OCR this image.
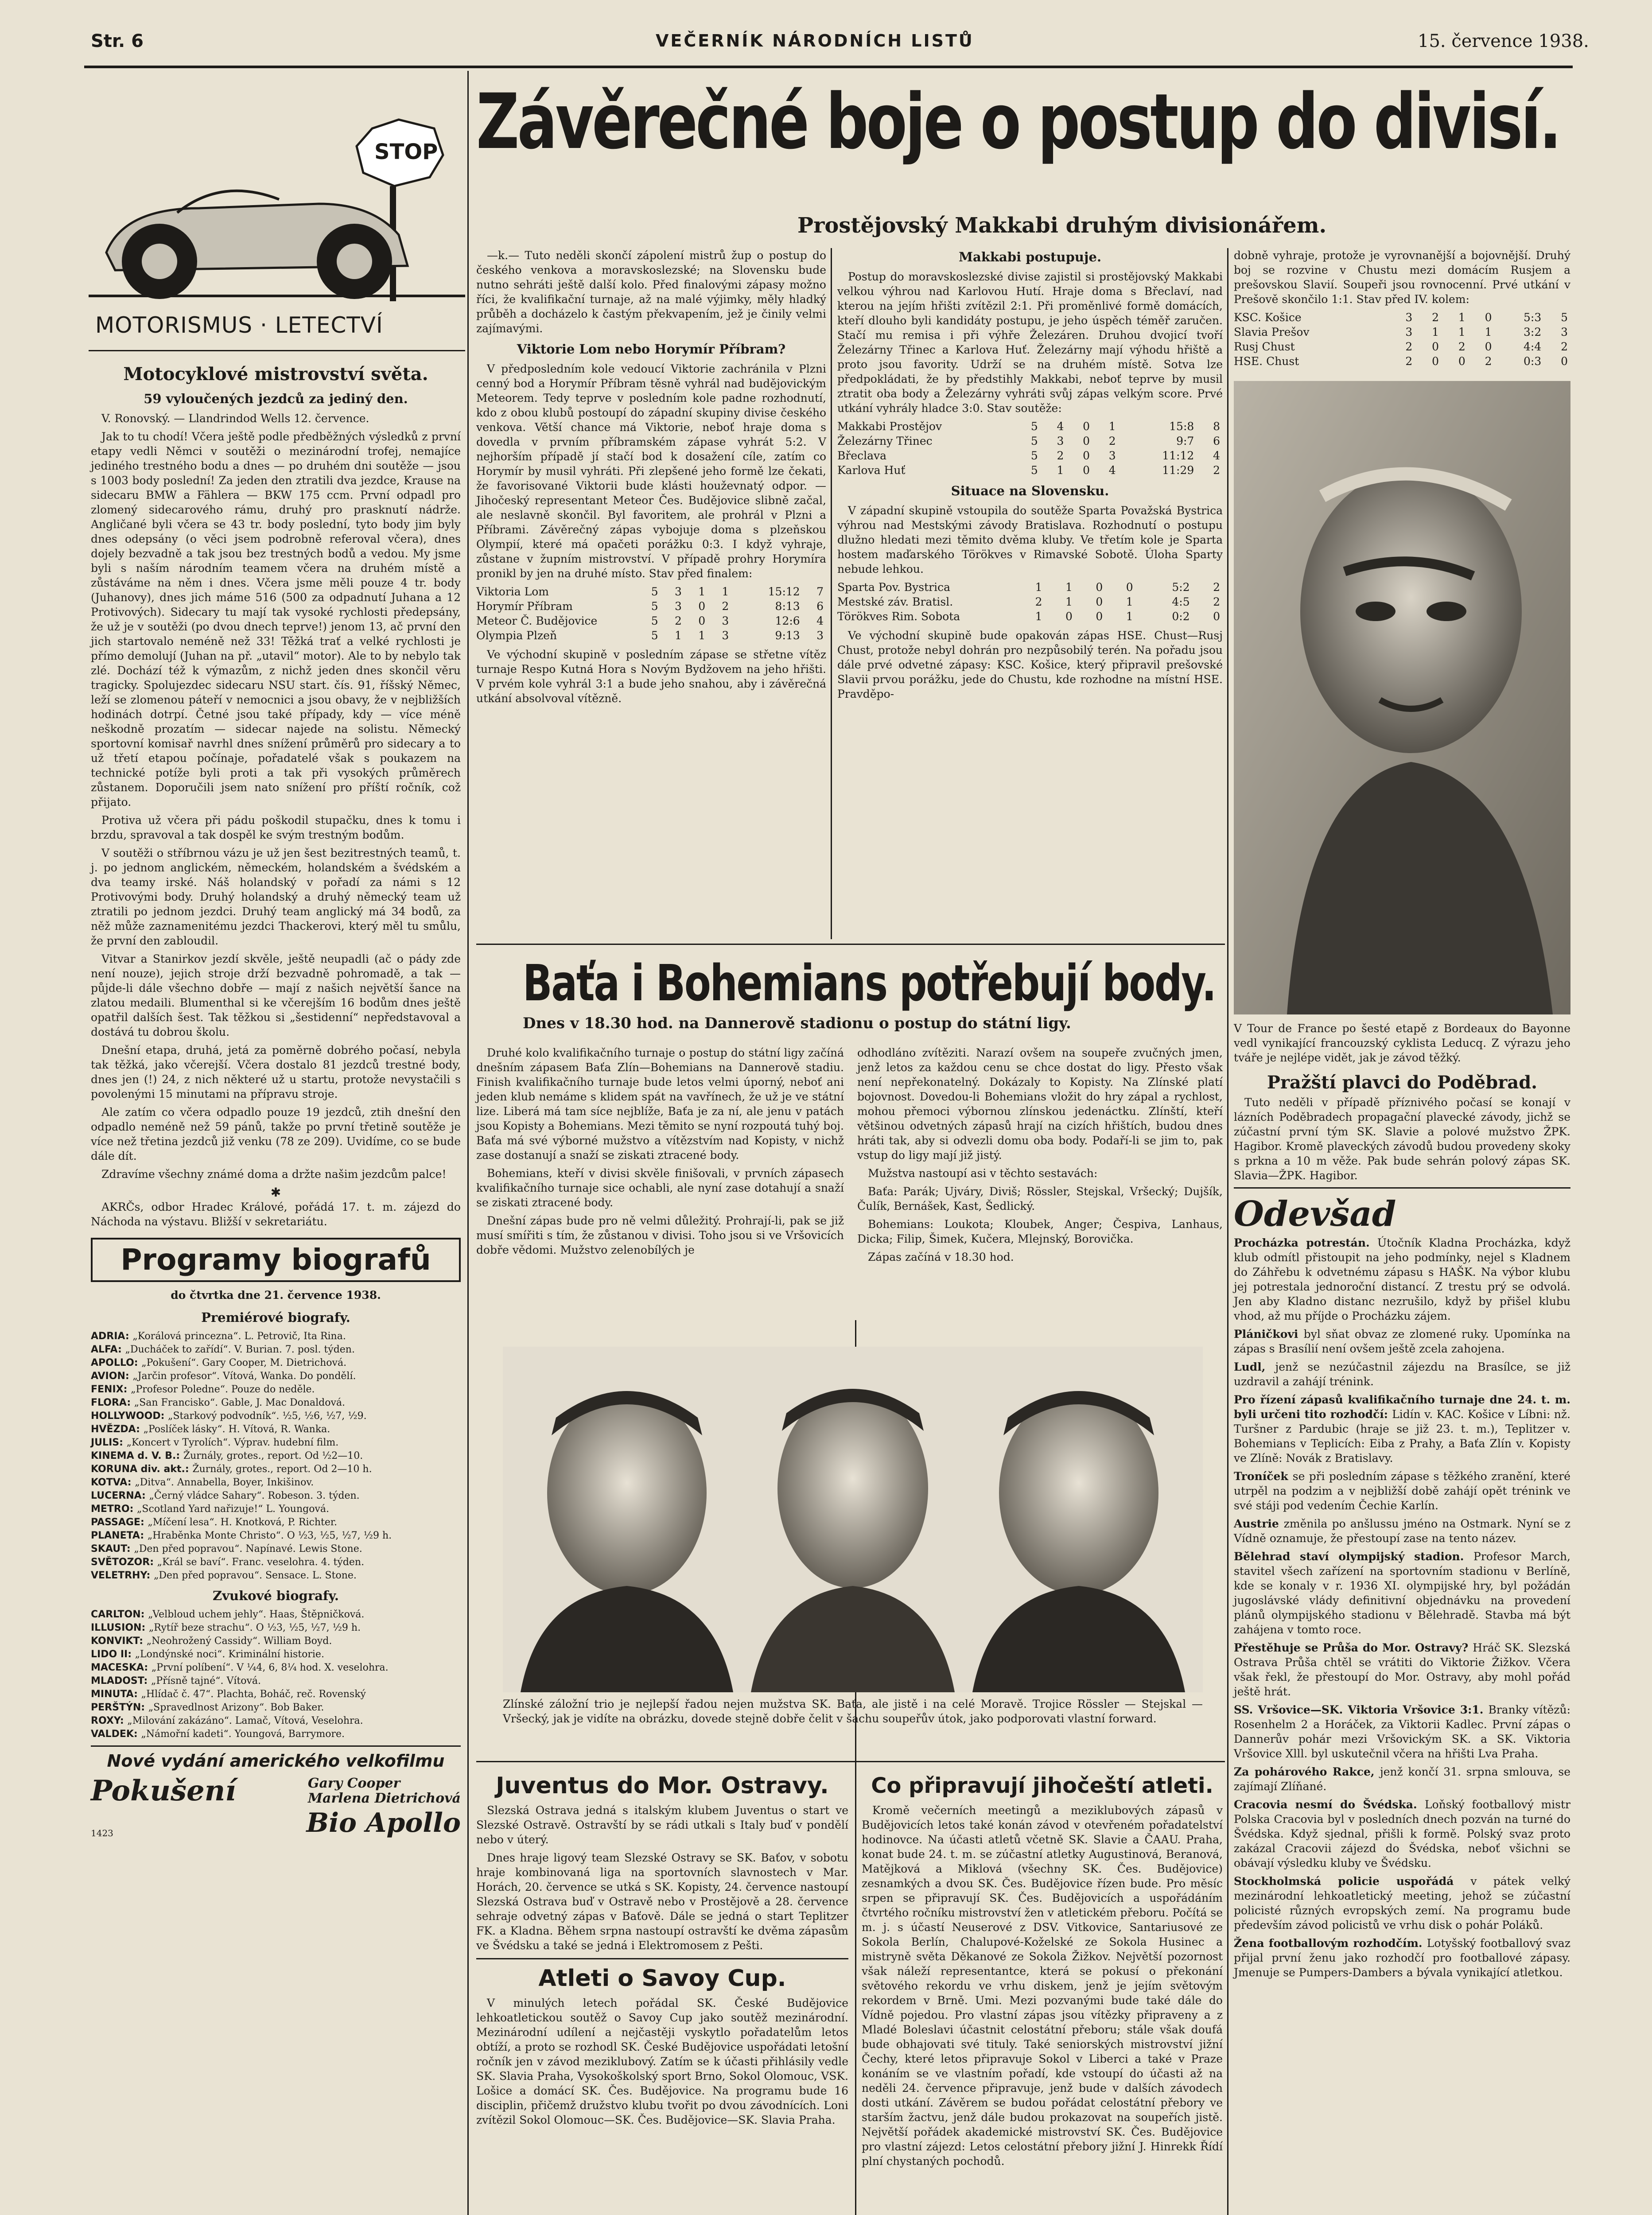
Str. 6	VEČERNÍK NÁRODNÍCH LISTŮ	15. července 1938.
STOP
MOTORISMUS · LETECTVÍ
Motocyklové mistrovství světa.
59 vyloučených jezdců za jediný den.

V. Ronovský. — Llandrindod Wells 12. července.

Jak to tu chodí! Včera ještě podle předběžných výsledků z první etapy vedli Němci v soutěži o mezinárodní trofej, nemajíce jediného trestného bodu a dnes — po druhém dni soutěže — jsou s 1003 body poslední! Za jeden den ztratili dva jezdce, Krause na sidecaru BMW a Fählera — BKW 175 ccm. První odpadl pro zlomený sidecarového rámu, druhý pro prasknutí nádrže. Angličané byli včera se 43 tr. body poslední, tyto body jim byly dnes odepsány (o věci jsem podrobně referoval včera), dnes dojely bezvadně a tak jsou bez trestných bodů a vedou. My jsme byli s naším národním teamem včera na druhém místě a zůstáváme na něm i dnes. Včera jsme měli pouze 4 tr. body (Juhanovy), dnes jich máme 516 (500 za odpadnutí Juhana a 12 Protivových). Sidecary tu mají tak vysoké rychlosti předepsány, že už je v soutěži (po dvou dnech teprve!) jenom 13, ač první den jich startovalo neméně než 33! Těžká trať a velké rychlosti je přímo demolují (Juhan na př. „utavil“ motor). Ale to by nebylo tak zlé. Dochází též k výmazům, z nichž jeden dnes skončil věru tragicky. Spolujezdec sidecaru NSU start. čís. 91, říšský Němec, leží se zlomenou páteří v nemocnici a jsou obavy, že v nejbližších hodinách dotrpí. Četné jsou také případy, kdy — více méně neškodně prozatím — sidecar najede na solistu. Německý sportovní komisař navrhl dnes snížení průměrů pro sidecary a to už třetí etapou počínaje, pořadatelé však s poukazem na technické potíže byli proti a tak při vysokých průměrech zůstanem. Doporučili jsem nato snížení pro příští ročník, což přijato.

Protiva už včera při pádu poškodil stupačku, dnes k tomu i brzdu, spravoval a tak dospěl ke svým trestným bodům.

V soutěži o stříbrnou vázu je už jen šest bezitrestných teamů, t. j. po jednom anglickém, německém, holandském a švédském a dva teamy irské. Náš holandský v pořadí za námi s 12 Protivovými body. Druhý holandský a druhý německý team už ztratili po jednom jezdci. Druhý team anglický má 34 bodů, za něž může zaznamenitému jezdci Thackerovi, který měl tu smůlu, že první den zabloudil.

Vitvar a Stanirkov jezdí skvěle, ještě neupadli (ač o pády zde není nouze), jejich stroje drží bezvadně pohromadě, a tak — půjde-li dále všechno dobře — mají z našich největší šance na zlatou medaili. Blumenthal si ke včerejším 16 bodům dnes ještě opatřil dalších šest. Tak těžkou si „šestidenní“ nepředstavoval a dostává tu dobrou školu.

Dnešní etapa, druhá, jetá za poměrně dobrého počasí, nebyla tak těžká, jako včerejší. Včera dostalo 81 jezdců trestné body, dnes jen (!) 24, z nich některé už u startu, protože nevystačili s povolenými 15 minutami na přípravu stroje.

Ale zatím co včera odpadlo pouze 19 jezdců, ztih dnešní den odpadlo neméně než 59 pánů, takže po první třetině soutěže je více než třetina jezdců již venku (78 ze 209). Uvidíme, co se bude dále dít.

Zdravíme všechny známé doma a držte našim jezdcům palce!

✱

AKRČs, odbor Hradec Králové, pořádá 17. t. m. zájezd do Náchoda na výstavu. Bližší v sekretariátu.

Programy biografů
do čtvrtka dne 21. července 1938.
Premiérové biografy.

ADRIA: „Korálová princezna“. L. Petrovič, Ita Rina.

ALFA: „Ducháček to zařídí“. V. Burian. 7. posl. týden.

APOLLO: „Pokušení“. Gary Cooper, M. Dietrichová.

AVION: „Jarčin profesor“. Vítová, Wanka. Do pondělí.

FENIX: „Profesor Poledne“. Pouze do neděle.

FLORA: „San Francisko“. Gable, J. Mac Donaldová.

HOLLYWOOD: „Starkový podvodník“. ½5, ½6, ½7, ½9.

HVĚZDA: „Poslíček lásky“. H. Vítová, R. Wanka.

JULIS: „Koncert v Tyrolích“. Výprav. hudební film.

KINEMA d. V. B.: Žurnály, grotes., report. Od ½2—10.

KORUNA div. akt.: Žurnály, grotes., report. Od 2—10 h.

KOTVA: „Ditva“. Annabella, Boyer, Inkišinov.

LUCERNA: „Černý vládce Sahary“. Robeson. 3. týden.

METRO: „Scotland Yard nařizuje!“ L. Youngová.

PASSAGE: „Míčení lesa“. H. Knotková, P. Richter.

PLANETA: „Hraběnka Monte Christo“. O ½3, ½5, ½7, ½9 h.

SKAUT: „Den před popravou“. Napínavé. Lewis Stone.

SVĚTOZOR: „Král se baví“. Franc. veselohra. 4. týden.

VELETRHY: „Den před popravou“. Sensace. L. Stone.

Zvukové biografy.

CARLTON: „Velbloud uchem jehly“. Haas, Štěpničková.

ILLUSION: „Rytíř beze strachu“. O ½3, ½5, ½7, ½9 h.

KONVIKT: „Neohrožený Cassidy“. William Boyd.

LIDO II: „Londýnské noci“. Kriminální historie.

MACESKA: „První políbení“. V ¼4, 6, 8¼ hod. X. veselohra.

MLADOST: „Přísně tajné“. Vítová.

MINUTA: „Hlídač č. 47“. Plachta, Boháč, reč. Rovenský

PERŠTÝN: „Spravedlnost Arizony“. Bob Baker.

ROXY: „Milování zakázáno“. Lamač, Vítová, Veselohra.

VALDEK: „Námořní kadeti“. Youngová, Barrymore.

Nové vydání amerického velkofilmu
Pokušení	Gary Cooper
Marlena Dietrichová
1423	Bio Apollo
Závěrečné boje o postup do divisí.
Prostějovský Makkabi druhým divisionářem.

—k.— Tuto neděli skončí zápolení mistrů žup o postup do českého venkova a moravskoslezské; na Slovensku bude nutno sehráti ještě další kolo. Před finalovými zápasy možno říci, že kvalifikační turnaje, až na malé výjimky, měly hladký průběh a docházelo k častým překvapením, jež je činily velmi zajímavými.

Viktorie Lom nebo Horymír Příbram?

V předposledním kole vedoucí Viktorie zachránila v Plzni cenný bod a Horymír Příbram těsně vyhrál nad budějovickým Meteorem. Tedy teprve v posledním kole padne rozhodnutí, kdo z obou klubů postoupí do západní skupiny divise českého venkova. Větší chance má Viktorie, neboť hraje doma s dovedla v prvním příbramském zápase vyhrát 5:2. V nejhorším případě jí stačí bod k dosažení cíle, zatím co Horymír by musil vyhráti. Při zlepšené jeho formě lze čekati, že favorisované Viktorii bude klásti houževnatý odpor. — Jihočeský representant Meteor Čes. Budějovice slibně začal, ale neslavně skončil. Byl favoritem, ale prohrál v Plzni a Příbrami. Závěrečný zápas vybojuje doma s plzeňskou Olympií, které má opačeti porážku 0:3. I když vyhraje, zůstane v župním mistrovství. V případě prohry Horymíra pronikl by jen na druhé místo. Stav před finalem:

Viktoria Lom	5	3	1	1	15:12	7
Horymír Příbram	5	3	0	2	8:13	6
Meteor Č. Budějovice	5	2	0	3	12:6	4
Olympia Plzeň	5	1	1	3	9:13	3

Ve východní skupině v posledním zápase se střetne vítěz turnaje Respo Kutná Hora s Novým Bydžovem na jeho hřišti. V prvém kole vyhrál 3:1 a bude jeho snahou, aby i závěrečná utkání absolvoval vítězně.

Makkabi postupuje.

Postup do moravskoslezské divise zajistil si prostějovský Makkabi velkou výhrou nad Karlovou Hutí. Hraje doma s Břeclaví, nad kterou na jejím hřišti zvítězil 2:1. Při proměnlivé formě domácích, kteří dlouho byli kandidáty postupu, je jeho úspěch téměř zaručen. Stačí mu remisa i při výhře Železáren. Druhou dvojicí tvoří Železárny Třinec a Karlova Huť. Železárny mají výhodu hřiště a proto jsou favority. Udrží se na druhém místě. Sotva lze předpokládati, že by předstihly Makkabi, neboť teprve by musil ztratit oba body a Železárny vyhráti svůj zápas velkým score. Prvé utkání vyhrály hladce 3:0. Stav soutěže:

Makkabi Prostějov	5	4	0	1	15:8	8
Železárny Třinec	5	3	0	2	9:7	6
Břeclava	5	2	0	3	11:12	4
Karlova Huť	5	1	0	4	11:29	2
Situace na Slovensku.

V západní skupině vstoupila do soutěže Sparta Považská Bystrica výhrou nad Mestskými závody Bratislava. Rozhodnutí o postupu dlužno hledati mezi těmito dvěma kluby. Ve třetím kole je Sparta hostem maďarského Törökves v Rimavské Sobotě. Úloha Sparty nebude lehkou.

Sparta Pov. Bystrica	1	1	0	0	5:2	2
Mestské záv. Bratisl.	2	1	0	1	4:5	2
Törökves Rim. Sobota	1	0	0	1	0:2	0

Ve východní skupině bude opakován zápas HSE. Chust—Rusj Chust, protože nebyl dohrán pro nezpůsobilý terén. Na pořadu jsou dále prvé odvetné zápasy: KSC. Košice, který připravil prešovské Slavii prvou porážku, jede do Chustu, kde rozhodne na místní HSE. Pravděpo-

dobně vyhraje, protože je vyrovnanější a bojovnější. Druhý boj se rozvine v Chustu mezi domácím Rusjem a prešovskou Slavií. Soupeři jsou rovnocenní. Prvé utkání v Prešově skončilo 1:1. Stav před IV. kolem:

KSC. Košice	3	2	1	0	5:3	5
Slavia Prešov	3	1	1	1	3:2	3
Rusj Chust	2	0	2	0	4:4	2
HSE. Chust	2	0	0	2	0:3	0

V Tour de France po šesté etapě z Bordeaux do Bayonne vedl vynikající francouzský cyklista Leducq. Z výrazu jeho tváře je nejlépe vidět, jak je závod těžký.

Pražští plavci do Poděbrad.

Tuto neděli v případě příznivého počasí se konají v lázních Poděbradech propagační plavecké závody, jichž se zúčastní první tým SK. Slavie a polové mužstvo ŽPK. Hagibor. Kromě plaveckých závodů budou provedeny skoky s prkna a 10 m věže. Pak bude sehrán polový zápas SK. Slavia—ŽPK. Hagibor.

Odevšad

Procházka potrestán. Útočník Kladna Procházka, když klub odmítl přistoupit na jeho podmínky, nejel s Kladnem do Záhřebu k odvetnému zápasu s HAŠK. Na výbor klubu jej potrestala jednoroční distancí. Z trestu prý se odvolá. Jen aby Kladno distanc nezrušilo, když by přišel klubu vhod, až mu příjde o Procházku zájem.

Pláničkovi byl sňat obvaz ze zlomené ruky. Upomínka na zápas s Brasílií není ovšem ještě zcela zahojena.

Ludl, jenž se nezúčastnil zájezdu na Brasílce, se již uzdravil a zahájí trénink.

Pro řízení zápasů kvalifikačního turnaje dne 24. t. m. byli určeni tito rozhodčí: Lidín v. KAC. Košice v Líbni: nž. Turšner z Pardubic (hraje se již 23. t. m.), Teplitzer v. Bohemians v Teplicích: Eiba z Prahy, a Baťa Zlín v. Kopisty ve Zlíně: Novák z Bratislavy.

Troníček se při posledním zápase s těžkého zranění, které utrpěl na podzim a v nejbližší době zahájí opět trénink ve své stáji pod vedením Čechie Karlín.

Austrie změnila po anšlussu jméno na Ostmark. Nyní se z Vídně oznamuje, že přestoupí zase na tento název.

Bělehrad staví olympijský stadion. Profesor March, stavitel všech zařízení na sportovním stadionu v Berlíně, kde se konaly v r. 1936 XI. olympijské hry, byl požádán jugoslávské vlády definitivní objednávku na provedení plánů olympijského stadionu v Bělehradě. Stavba má být zahájena v tomto roce.

Přestěhuje se Průša do Mor. Ostravy? Hráč SK. Slezská Ostrava Průša chtěl se vrátiti do Viktorie Žižkov. Včera však řekl, že přestoupí do Mor. Ostravy, aby mohl pořád ještě hrát.

SS. Vršovice—SK. Viktoria Vršovice 3:1. Branky vítězů: Rosenhelm 2 a Horáček, za Viktorii Kadlec. První zápas o Dannerův pohár mezi Vršovickým SK. a SK. Viktoria Vršovice Xlll. byl uskutečnil včera na hřišti Lva Praha.

Za pohárového Rakce, jenž končí 31. srpna smlouva, se zajímají Zlíňané.

Cracovia nesmí do Švédska. Loňský footballový mistr Polska Cracovia byl v posledních dnech pozván na turné do Švédska. Když sjednal, přišli k formě. Polský svaz proto zakázal Cracovii zájezd do Švédska, neboť všichni se obávají výsledku kluby ve Švédsku.

Stockholmská policie uspořádá v pátek velký mezinárodní lehkoatletický meeting, jehož se zúčastní policisté různých evropských zemí. Na programu bude především závod policistů ve vrhu disk o pohár Poláků.

Žena footballovým rozhodčím. Lotyšský footballový svaz přijal první ženu jako rozhodčí pro footballové zápasy. Jmenuje se Pumpers-Dambers a bývala vynikající atletkou.

Baťa i Bohemians potřebují body.
Dnes v 18.30 hod. na Dannerově stadionu o postup do státní ligy.

Druhé kolo kvalifikačního turnaje o postup do státní ligy začíná dnešním zápasem Baťa Zlín—Bohemians na Dannerově stadiu. Finish kvalifikačního turnaje bude letos velmi úporný, neboť ani jeden klub nemáme s klidem spát na vavřínech, že už je ve státní lize. Liberá má tam síce nejblíže, Baťa je za ní, ale jenu v patách jsou Kopisty a Bohemians. Mezi těmito se nyní rozpoutá tuhý boj. Baťa má své výborné mužstvo a vítězstvím nad Kopisty, v nichž zase dostanují a snaží se ziskati ztracené body.

Bohemians, kteří v divisi skvěle finišovali, v prvních zápasech kvalifikačního turnaje sice ochabli, ale nyní zase dotahují a snaží se ziskati ztracené body.

Dnešní zápas bude pro ně velmi důležitý. Prohrají-li, pak se již musí smířiti s tím, že zůstanou v divisi. Toho jsou si ve Vršovicích dobře vědomi. Mužstvo zelenobílých je

odhodláno zvítěziti. Narazí ovšem na soupeře zvučných jmen, jenž letos za každou cenu se chce dostat do ligy. Přesto však není nepřekonatelný. Dokázaly to Kopisty. Na Zlínské platí bojovnost. Dovedou-li Bohemians vložit do hry zápal a rychlost, mohou přemoci výbornou zlínskou jedenáctku. Zlínští, kteří většinou odvetných zápasů hrají na cizích hřištích, budou dnes hráti tak, aby si odvezli domu oba body. Podaří-li se jim to, pak vstup do ligy mají již jistý.

Mužstva nastoupí asi v těchto sestavách:

Baťa: Parák; Ujváry, Diviš; Rössler, Stejskal, Vršecký; Dujšík, Čulík, Bernášek, Kast, Šedlický.

Bohemians: Loukota; Kloubek, Anger; Čespiva, Lanhaus, Dicka; Filip, Šimek, Kučera, Mlejnský, Borovička.

Zápas začíná v 18.30 hod.

Zlínské záložní trio je nejlepší řadou nejen mužstva SK. Baťa, ale jistě i na celé Moravě. Trojice Rössler — Stejskal — Vršecký, jak je vidíte na obrázku, dovede stejně dobře čelit v šachu soupeřův útok, jako podporovati vlastní forward.

Juventus do Mor. Ostravy.

Slezská Ostrava jedná s italským klubem Juventus o start ve Slezské Ostravě. Ostravští by se rádi utkali s Italy buď v pondělí nebo v úterý.

Dnes hraje ligový team Slezské Ostravy se SK. Baťov, v sobotu hraje kombinovaná liga na sportovních slavnostech v Mar. Horách, 20. července se utká s SK. Kopisty, 24. července nastoupí Slezská Ostrava buď v Ostravě nebo v Prostějově a 28. července sehraje odvetný zápas v Baťově. Dále se jedná o start Teplitzer FK. a Kladna. Během srpna nastoupí ostravští ke dvěma zápasům ve Švédsku a také se jedná i Elektromosem z Pešti.

Atleti o Savoy Cup.

V minulých letech pořádal SK. České Budějovice lehkoatletickou soutěž o Savoy Cup jako soutěž mezinárodní. Mezinárodní udílení a nejčastěji vyskytlo pořadatelům letos obtíží, a proto se rozhodl SK. České Budějovice uspořádati letošní ročník jen v závod meziklubový. Zatím se k účasti přihlásily vedle SK. Slavia Praha, Vysokoškolský sport Brno, Sokol Olomouc, VSK. Lošice a domácí SK. Čes. Budějovice. Na programu bude 16 disciplin, přičemž družstvo klubu tvořit po dvou závodnících. Loni zvítězil Sokol Olomouc—SK. Čes. Budějovice—SK. Slavia Praha.

Co připravují jihočeští atleti.

Kromě večerních meetingů a meziklubových zápasů v Budějovicích letos také konán závod v otevřeném pořadatelství hodinovce. Na účasti atletů včetně SK. Slavie a ČAAU. Praha, konat bude 24. t. m. se zúčastní atletky Augustinová, Beranová, Matějková a Miklová (všechny SK. Čes. Budějovice) zesnamkých a dvou SK. Čes. Budějovice řízen bude. Pro měsíc srpen se připravují SK. Čes. Budějovicích a uspořádáním čtvrtého ročníku mistrovství žen v atletickém přeboru. Počítá se m. j. s účastí Neuserové z DSV. Vitkovice, Santariusové ze Sokola Berlín, Chalupové-Koželské ze Sokola Husinec a mistryně světa Děkanové ze Sokola Žižkov. Největší pozornost však náleží representantce, která se pokusí o překonání světového rekordu ve vrhu diskem, jenž je jejím světovým rekordem v Brně. Umi. Mezi pozvanými bude také dále do Vídně pojedou. Pro vlastní zápas jsou vítězky připraveny a z Mladé Boleslavi účastnit celostátní přeboru; stále však doufá bude obhajovati své tituly. Také seniorských mistrovství jižní Čechy, které letos připravuje Sokol v Liberci a také v Praze konáním se ve vlastním pořadí, kde vstoupí do účasti až na neděli 24. července připravuje, jenž bude v dalších závodech dosti utkání. Závěrem se budou pořádat celostátní přebory ve starším žactvu, jenž dále budou prokazovat na soupeřích jistě. Největší pořádek akademické mistrovství SK. Čes. Budějovice pro vlastní zájezd: Letos celostátní přebory jižní J. Hinrekk Řídí plní chystaných pochodů.
